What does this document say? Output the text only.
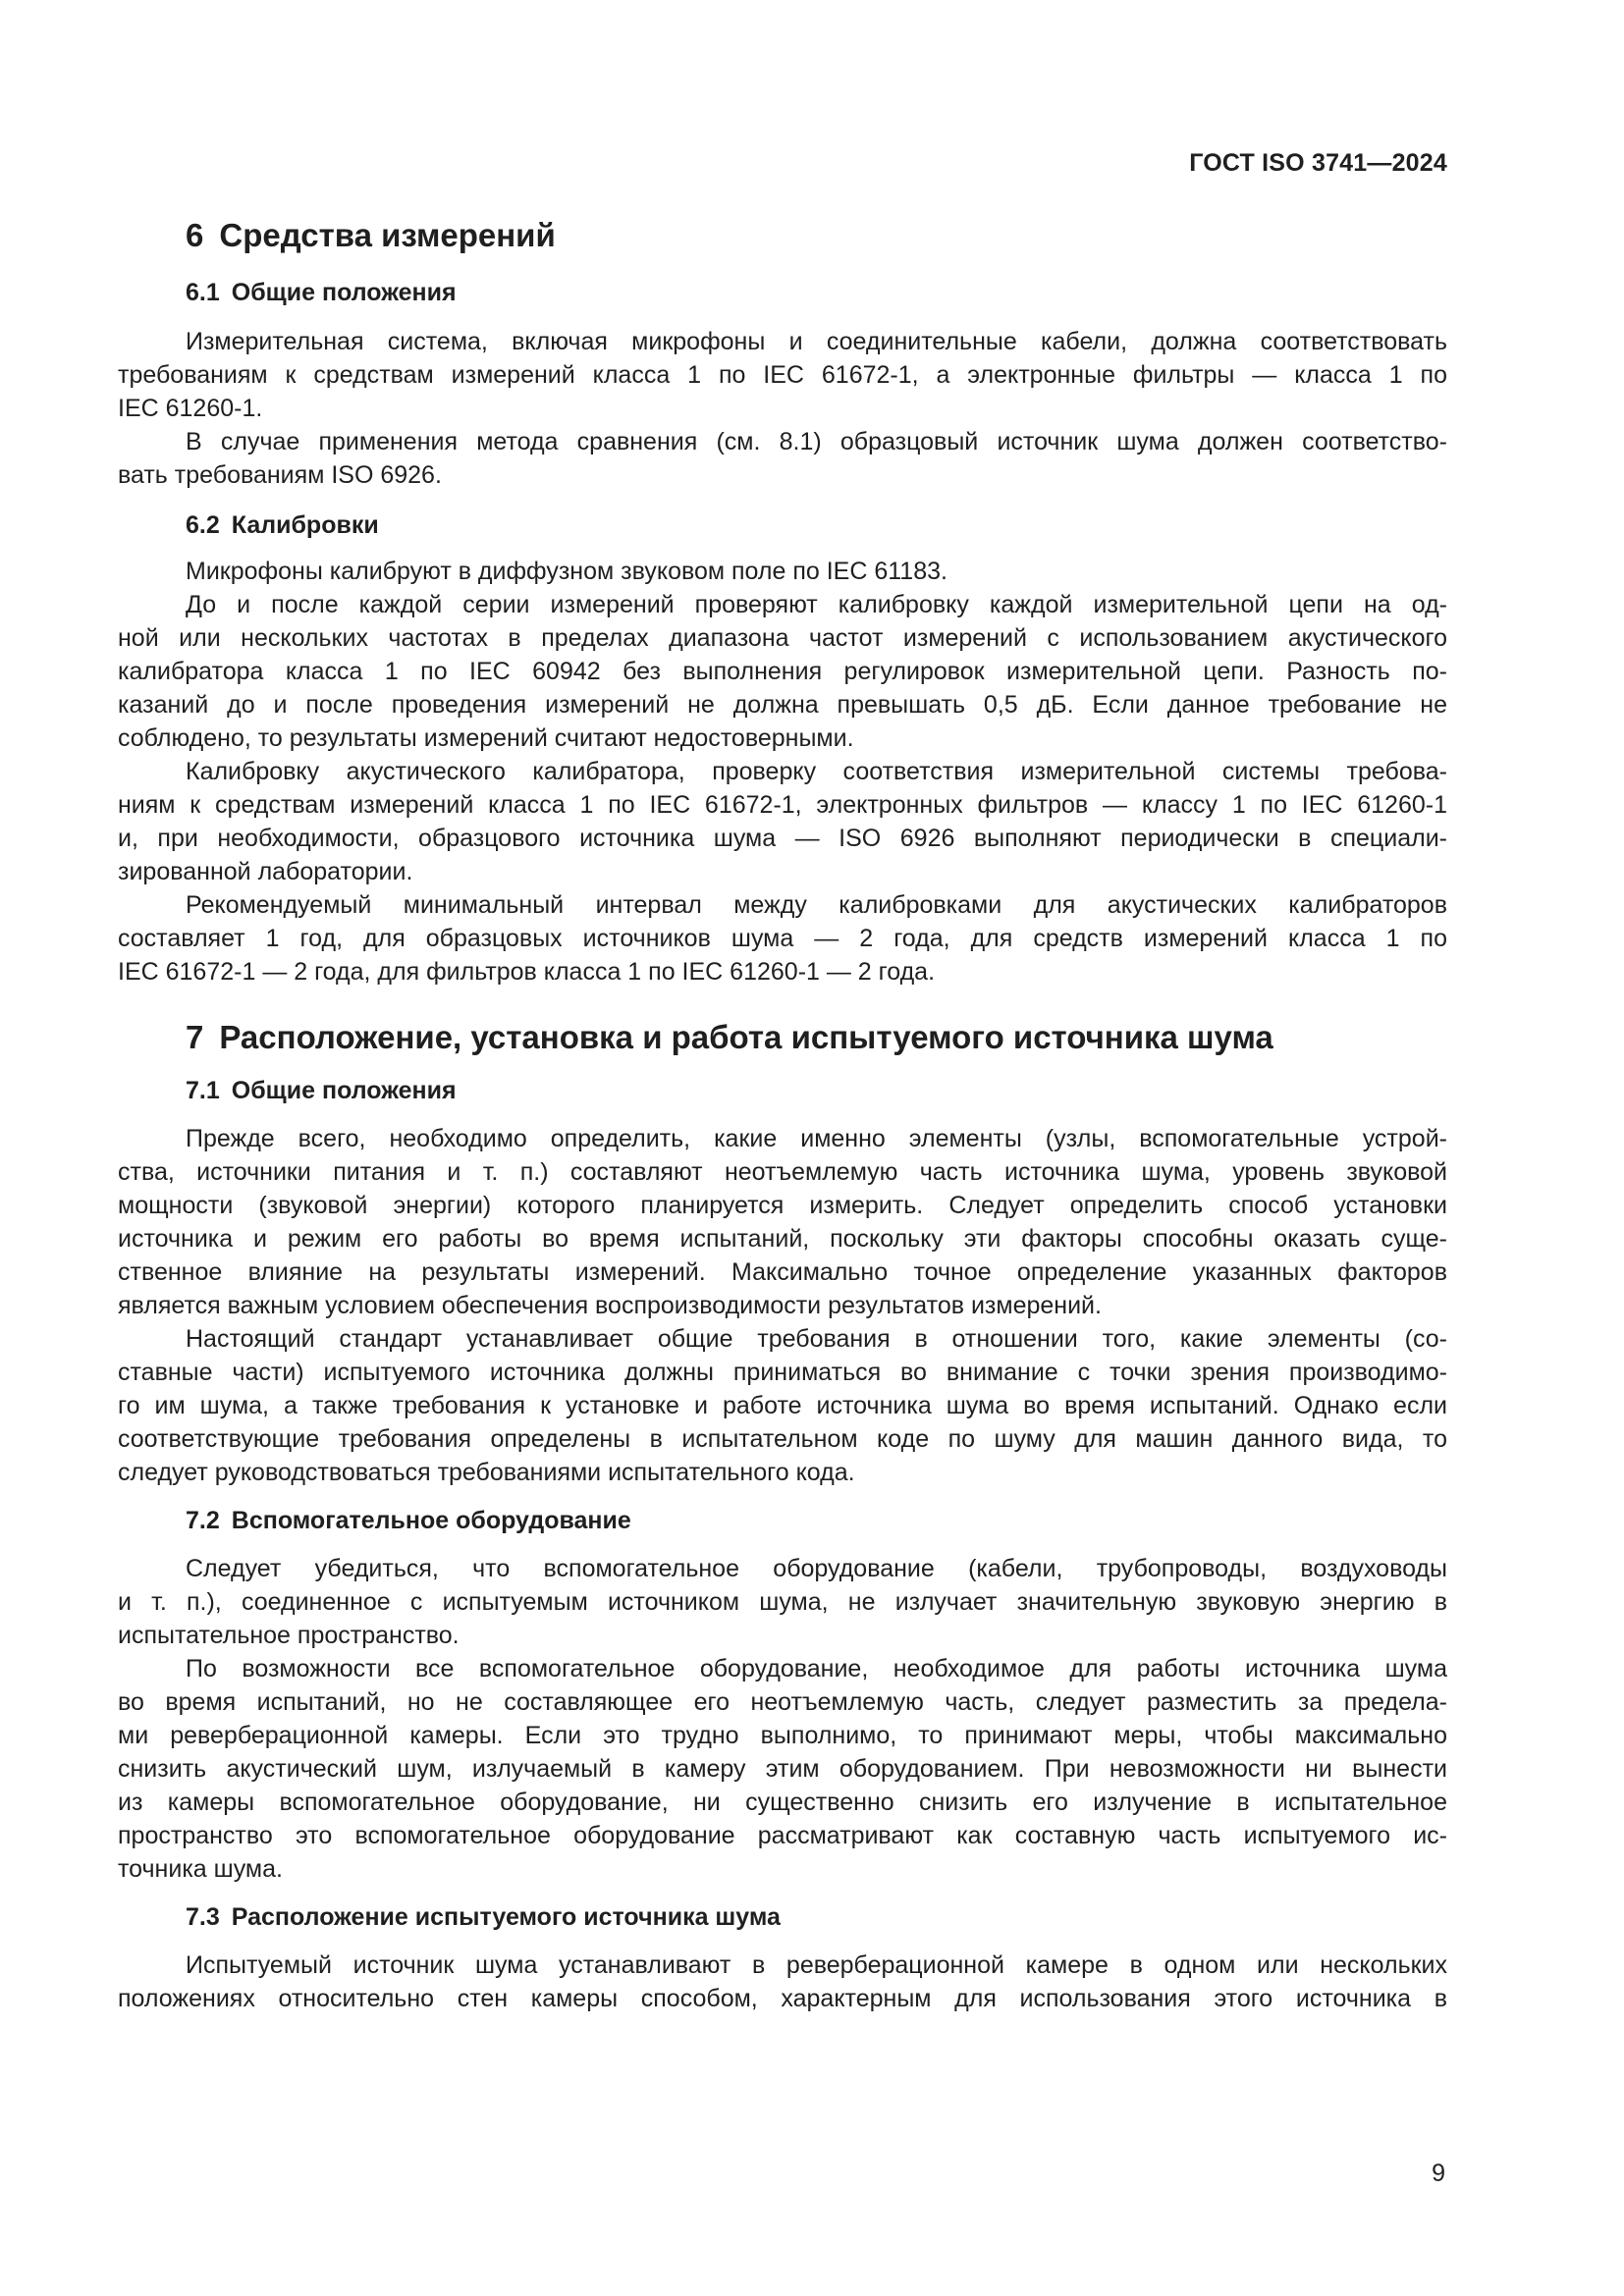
ГОСТ ISO 3741—2024
6 Средства измерений
6.1 Общие положения

Измерительная система, включая микрофоны и соединительные кабели, должна соответствовать
требованиям к средствам измерений класса 1 по IEC 61672-1, а электронные фильтры — класса 1 по
IEC 61260-1.

В случае применения метода сравнения (см. 8.1) образцовый источник шума должен соответство-
вать требованиям ISO 6926.

6.2 Калибровки

Микрофоны калибруют в диффузном звуковом поле по IEC 61183.

До и после каждой серии измерений проверяют калибровку каждой измерительной цепи на од-
ной или нескольких частотах в пределах диапазона частот измерений с использованием акустического
калибратора класса 1 по IEC 60942 без выполнения регулировок измерительной цепи. Разность по-
казаний до и после проведения измерений не должна превышать 0,5 дБ. Если данное требование не
соблюдено, то результаты измерений считают недостоверными.

Калибровку акустического калибратора, проверку соответствия измерительной системы требова-
ниям к средствам измерений класса 1 по IEC 61672-1, электронных фильтров — классу 1 по IEC 61260-1
и, при необходимости, образцового источника шума — ISO 6926 выполняют периодически в специали-
зированной лаборатории.

Рекомендуемый минимальный интервал между калибровками для акустических калибраторов
составляет 1 год, для образцовых источников шума — 2 года, для средств измерений класса 1 по
IEC 61672-1 — 2 года, для фильтров класса 1 по IEC 61260-1 — 2 года.

7 Расположение, установка и работа испытуемого источника шума
7.1 Общие положения

Прежде всего, необходимо определить, какие именно элементы (узлы, вспомогательные устрой-
ства, источники питания и т. п.) составляют неотъемлемую часть источника шума, уровень звуковой
мощности (звуковой энергии) которого планируется измерить. Следует определить способ установки
источника и режим его работы во время испытаний, поскольку эти факторы способны оказать суще-
ственное влияние на результаты измерений. Максимально точное определение указанных факторов
является важным условием обеспечения воспроизводимости результатов измерений.

Настоящий стандарт устанавливает общие требования в отношении того, какие элементы (со-
ставные части) испытуемого источника должны приниматься во внимание с точки зрения производимо-
го им шума, а также требования к установке и работе источника шума во время испытаний. Однако если
соответствующие требования определены в испытательном коде по шуму для машин данного вида, то
следует руководствоваться требованиями испытательного кода.

7.2 Вспомогательное оборудование

Следует убедиться, что вспомогательное оборудование (кабели, трубопроводы, воздуховоды
и т. п.), соединенное с испытуемым источником шума, не излучает значительную звуковую энергию в
испытательное пространство.

По возможности все вспомогательное оборудование, необходимое для работы источника шума
во время испытаний, но не составляющее его неотъемлемую часть, следует разместить за предела-
ми реверберационной камеры. Если это трудно выполнимо, то принимают меры, чтобы максимально
снизить акустический шум, излучаемый в камеру этим оборудованием. При невозможности ни вынести
из камеры вспомогательное оборудование, ни существенно снизить его излучение в испытательное
пространство это вспомогательное оборудование рассматривают как составную часть испытуемого ис-
точника шума.

7.3 Расположение испытуемого источника шума

Испытуемый источник шума устанавливают в реверберационной камере в одном или нескольких
положениях относительно стен камеры способом, характерным для использования этого источника в

9
